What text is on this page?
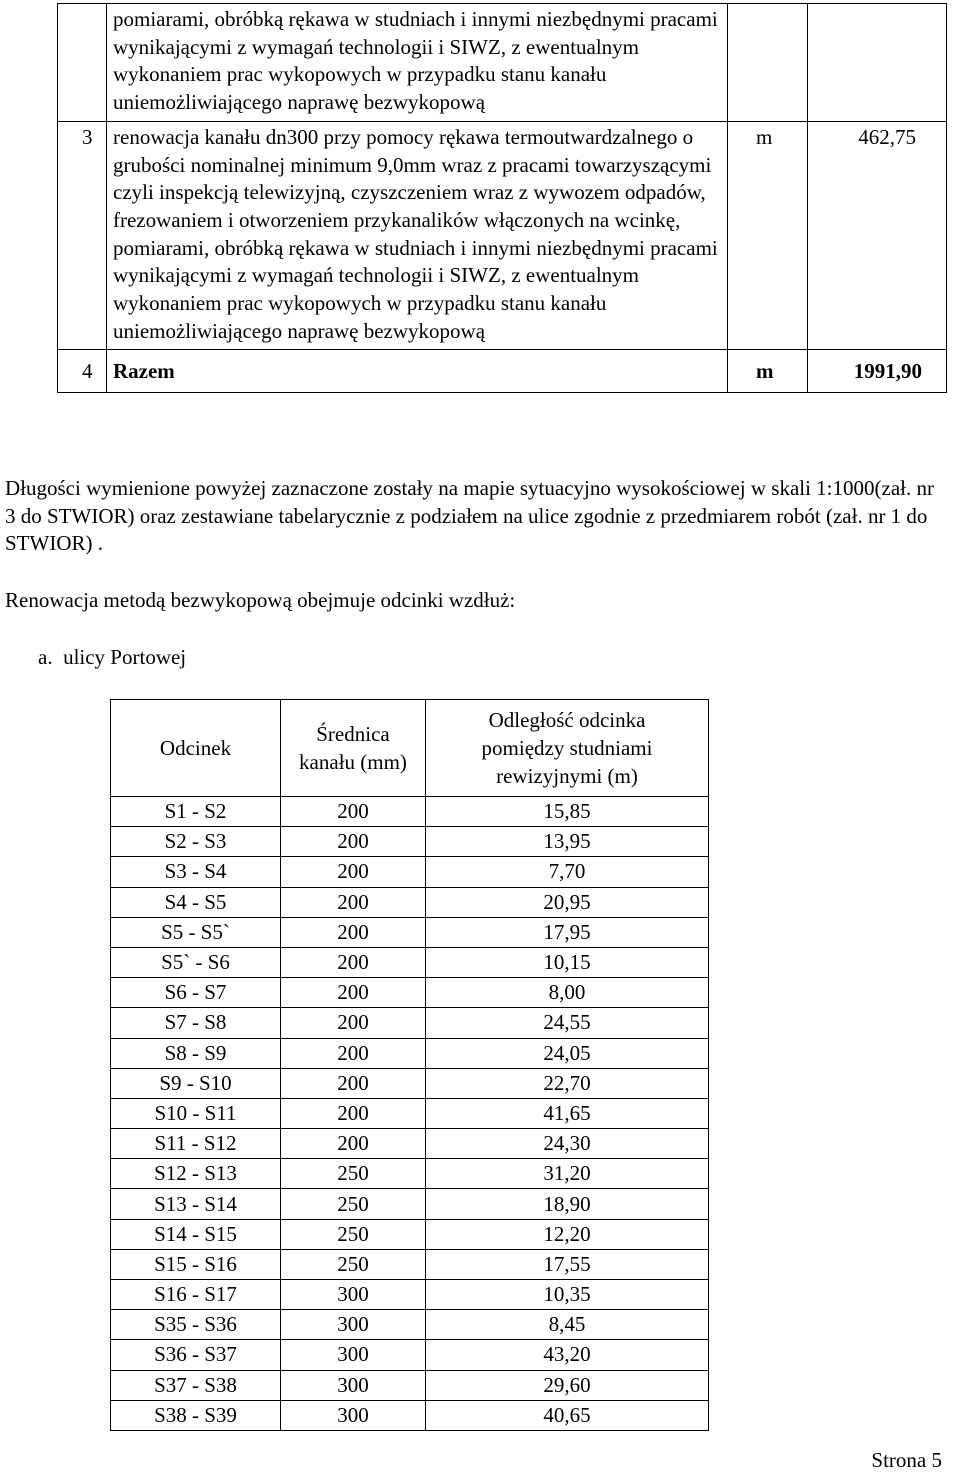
	pomiarami, obróbką rękawa w studniach i innymi niezbędnymi pracami wynikającymi z wymagań technologii i SIWZ, z ewentualnym wykonaniem prac wykopowych w przypadku stanu kanału uniemożliwiającego naprawę bezwykopową		

3	renowacja kanału dn300 przy pomocy rękawa termoutwardzalnego o grubości nominalnej minimum 9,0mm wraz z pracami towarzyszącymi czyli inspekcją telewizyjną, czyszczeniem wraz z wywozem odpadów, frezowaniem i otworzeniem przykanalików włączonych na wcinkę, pomiarami, obróbką rękawa w studniach i innymi niezbędnymi pracami wynikającymi z wymagań technologii i SIWZ, z ewentualnym wykonaniem prac wykopowych w przypadku stanu kanału uniemożliwiającego naprawę bezwykopową	m	462,75

4	Razem	m	1991,90
Długości wymienione powyżej zaznaczone zostały na mapie sytuacyjno wysokościowej w skali 1:1000(zał. nr 3 do STWIOR) oraz zestawiane tabelarycznie z podziałem na ulice zgodnie z przedmiarem robót (zał. nr 1 do STWIOR) .
Renowacja metodą bezwykopową obejmuje odcinki wzdłuż:
a.  ulicy Portowej
Odcinek	Średnica kanału (mm)	Odległość odcinka pomiędzy studniami rewizyjnymi (m)

S1 - S2	200	15,85
S2 - S3	200	13,95
S3 - S4	200	7,70
S4 - S5	200	20,95
S5 - S5`	200	17,95
S5` - S6	200	10,15
S6 - S7	200	8,00
S7 - S8	200	24,55
S8 - S9	200	24,05
S9 - S10	200	22,70
S10 - S11	200	41,65
S11 - S12	200	24,30
S12 - S13	250	31,20
S13 - S14	250	18,90
S14 - S15	250	12,20
S15 - S16	250	17,55
S16 - S17	300	10,35
S35 - S36	300	8,45
S36 - S37	300	43,20
S37 - S38	300	29,60
S38 - S39	300	40,65
Strona 5
